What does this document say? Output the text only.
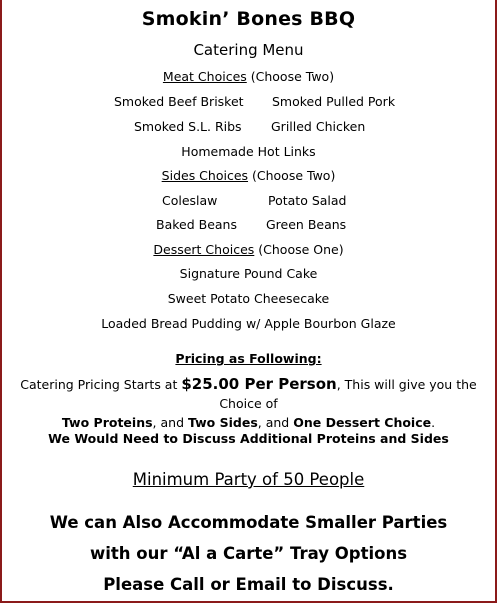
Smokin’ Bones BBQ
Catering Menu
Meat Choices (Choose Two)
Smoked Beef Brisket Smoked Pulled Pork
Smoked S.L. Ribs Grilled Chicken
Homemade Hot Links
Sides Choices (Choose Two)
Coleslaw	Potato Salad
Baked Beans Green Beans
Dessert Choices (Choose One)
Signature Pound Cake
Sweet Potato Cheesecake
Loaded Bread Pudding w/ Apple Bourbon Glaze
Pricing as Following:
Catering Pricing Starts at $25.00 Per Person, This will give you the Choice of
Two Proteins, and Two Sides, and One Dessert Choice.
We Would Need to Discuss Additional Proteins and Sides
Minimum Party of 50 People
We can Also Accommodate Smaller Parties
with our “Al a Carte” Tray Options
Please Call or Email to Discuss.
